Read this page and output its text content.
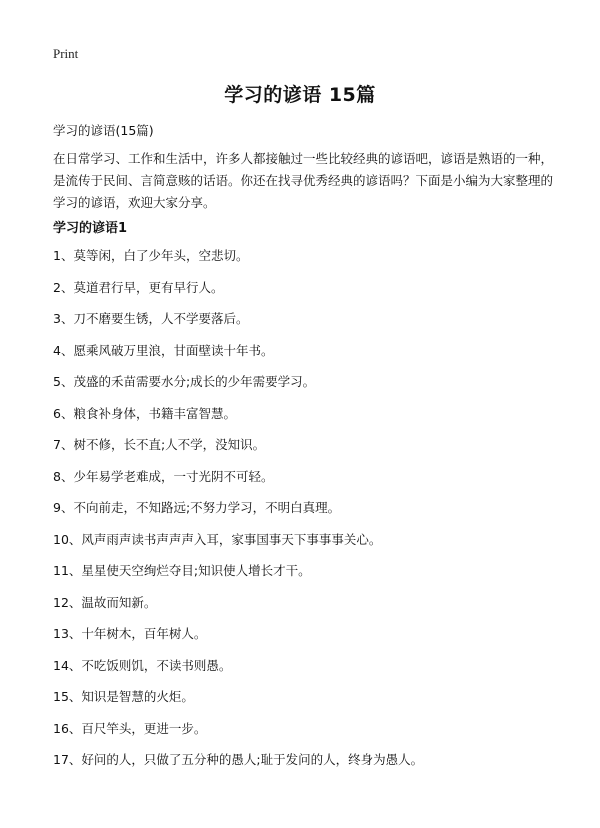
Print
学习的谚语 15篇
学习的谚语(15篇)
在日常学习、工作和生活中，许多人都接触过一些比较经典的谚语吧，谚语是熟语的一种，是流传于民间、言简意赅的话语。你还在找寻优秀经典的谚语吗？下面是小编为大家整理的学习的谚语，欢迎大家分享。
学习的谚语1
1、莫等闲，白了少年头，空悲切。
2、莫道君行早，更有早行人。
3、刀不磨要生锈，人不学要落后。
4、愿乘风破万里浪，甘面壁读十年书。
5、茂盛的禾苗需要水分;成长的少年需要学习。
6、粮食补身体，书籍丰富智慧。
7、树不修，长不直;人不学，没知识。
8、少年易学老难成，一寸光阴不可轻。
9、不向前走，不知路远;不努力学习，不明白真理。
10、风声雨声读书声声声入耳，家事国事天下事事事关心。
11、星星使天空绚烂夺目;知识使人增长才干。
12、温故而知新。
13、十年树木，百年树人。
14、不吃饭则饥，不读书则愚。
15、知识是智慧的火炬。
16、百尺竿头，更进一步。
17、好问的人，只做了五分种的愚人;耻于发问的人，终身为愚人。
